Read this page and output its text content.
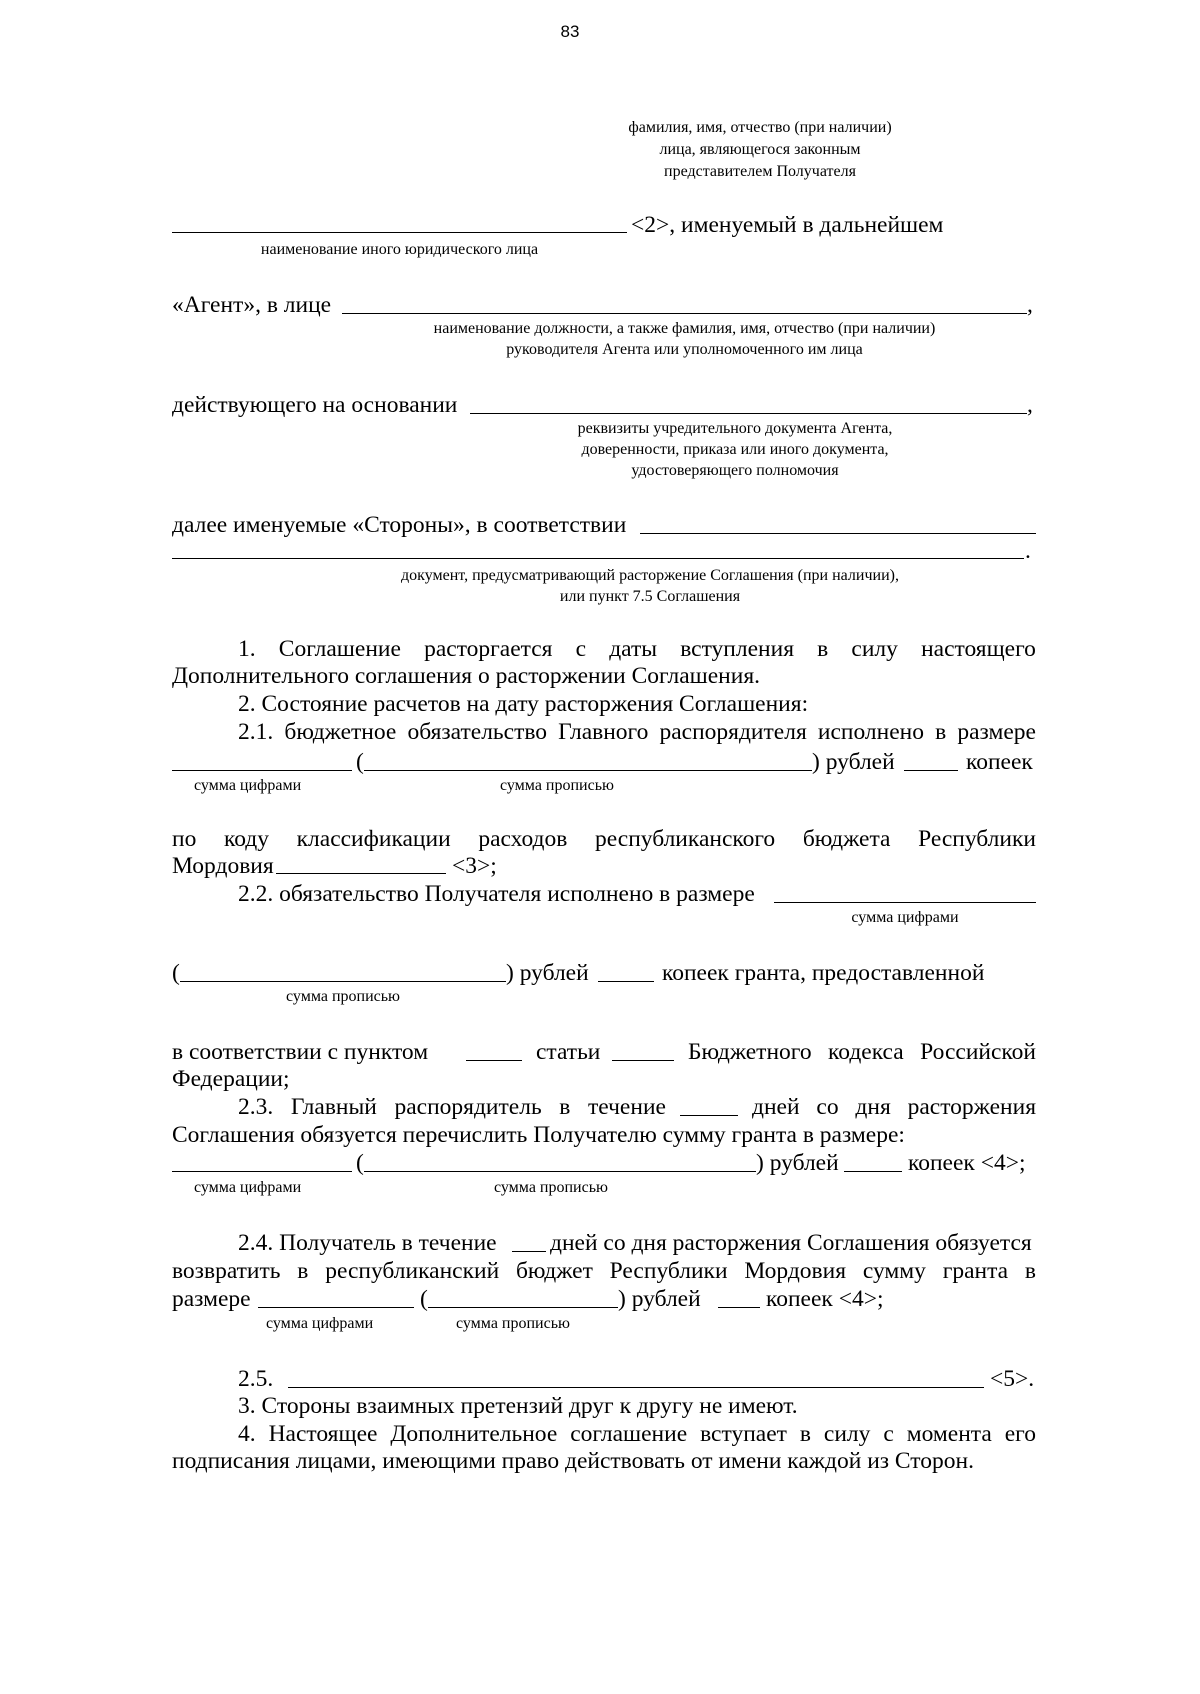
83
фамилия, имя, отчество (при наличии)
лица, являющегося законным
представителем Получателя
<2>, именуемый в дальнейшем
наименование иного юридического лица
«Агент», в лице	,
наименование должности, а также фамилия, имя, отчество (при наличии)
руководителя Агента или уполномоченного им лица
действующего на основании	,
реквизиты учредительного документа Агента,
доверенности, приказа или иного документа,
удостоверяющего полномочия
далее именуемые «Стороны», в соответствии
.
документ, предусматривающий расторжение Соглашения (при наличии),
или пункт 7.5 Соглашения
1. Соглашение расторгается с даты вступления в силу настоящего
Дополнительного соглашения о расторжении Соглашения.
2. Состояние расчетов на дату расторжения Соглашения:
2.1. бюджетное обязательство Главного распорядителя исполнено в размере
(	) рублей	копеек
сумма цифрами	сумма прописью
по коду классификации расходов республиканского бюджета Республики
Мордовия	<3>;
2.2. обязательство Получателя исполнено в размере
сумма цифрами
(	) рублей	копеек гранта, предоставленной
сумма прописью
в соответствии с пунктом	статьи	Бюджетного кодекса Российской
Федерации;
2.3. Главный распорядитель в течение	дней со дня расторжения
Соглашения обязуется перечислить Получателю сумму гранта в размере:
(	) рублей	копеек <4>;
сумма цифрами	сумма прописью
2.4. Получатель в течение дней со дня расторжения Соглашения обязуется
возвратить в республиканский бюджет Республики Мордовия сумму гранта в
размере	(	) рублей	копеек <4>;
сумма цифрами	сумма прописью
2.5.	<5>.
3. Стороны взаимных претензий друг к другу не имеют.
4. Настоящее Дополнительное соглашение вступает в силу с момента его
подписания лицами, имеющими право действовать от имени каждой из Сторон.
